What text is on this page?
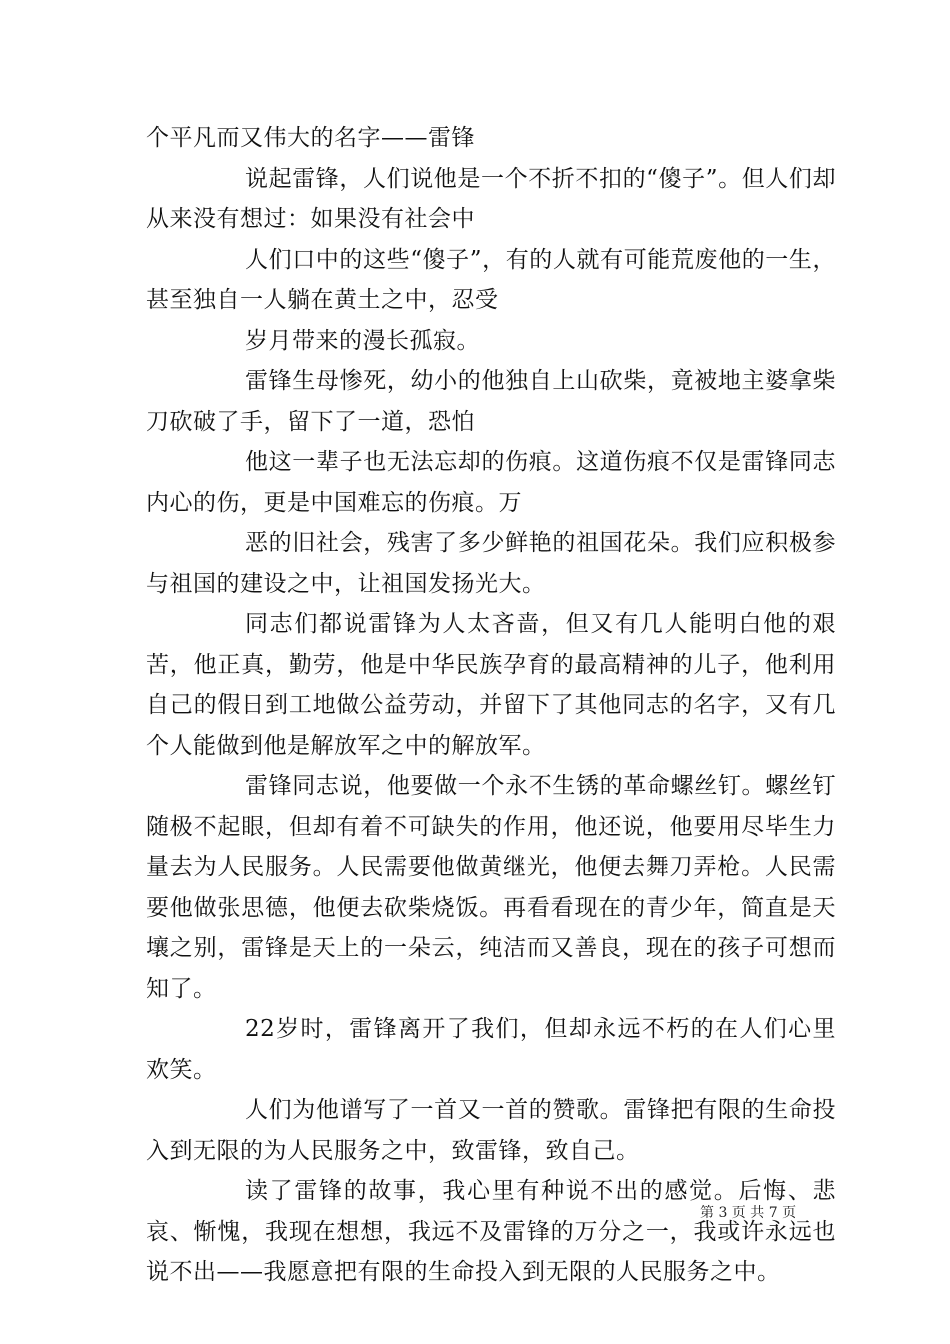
个平凡而又伟大的名字——雷锋

说起雷锋，人们说他是一个不折不扣的“傻子”。但人们却从来没有想过：如果没有社会中

人们口中的这些“傻子”，有的人就有可能荒废他的一生，甚至独自一人躺在黄土之中，忍受

岁月带来的漫长孤寂。

雷锋生母惨死，幼小的他独自上山砍柴，竟被地主婆拿柴刀砍破了手，留下了一道，恐怕

他这一辈子也无法忘却的伤痕。这道伤痕不仅是雷锋同志内心的伤，更是中国难忘的伤痕。万

恶的旧社会，残害了多少鲜艳的祖国花朵。我们应积极参与祖国的建设之中，让祖国发扬光大。

同志们都说雷锋为人太吝啬，但又有几人能明白他的艰苦，他正真，勤劳，他是中华民族孕育的最高精神的儿子，他利用自己的假日到工地做公益劳动，并留下了其他同志的名字，又有几个人能做到他是解放军之中的解放军。

雷锋同志说，他要做一个永不生锈的革命螺丝钉。螺丝钉随极不起眼，但却有着不可缺失的作用，他还说，他要用尽毕生力量去为人民服务。人民需要他做黄继光，他便去舞刀弄枪。人民需要他做张思德，他便去砍柴烧饭。再看看现在的青少年，简直是天壤之别，雷锋是天上的一朵云，纯洁而又善良，现在的孩子可想而知了。

22岁时，雷锋离开了我们，但却永远不朽的在人们心里欢笑。

人们为他谱写了一首又一首的赞歌。雷锋把有限的生命投入到无限的为人民服务之中，致雷锋，致自己。

读了雷锋的故事，我心里有种说不出的感觉。后悔、悲哀、惭愧，我现在想想，我远不及雷锋的万分之一，我或许永远也说不出——我愿意把有限的生命投入到无限的人民服务之中。

第 3 页 共 7 页
